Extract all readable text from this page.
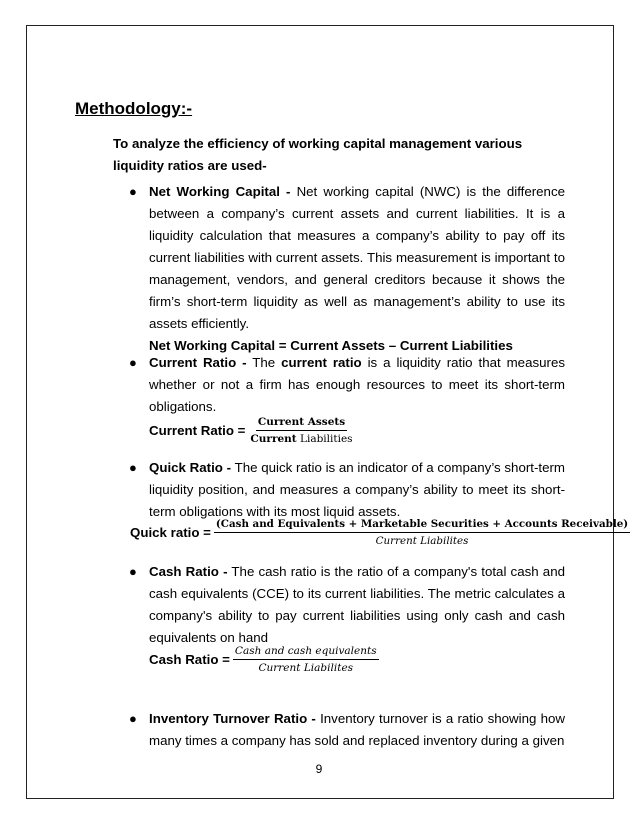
Methodology:-

To analyze the efficiency of working capital management various liquidity ratios are used-

● Net Working Capital - Net working capital (NWC) is the difference between a company’s current assets and current liabilities. It is a liquidity calculation that measures a company’s ability to pay off its current liabilities with current assets. This measurement is important to management, vendors, and general creditors because it shows the firm’s short-term liquidity as well as management’s ability to use its assets efficiently.
Net Working Capital = Current Assets – Current Liabilities
● Current Ratio - The current ratio is a liquidity ratio that measures whether or not a firm has enough resources to meet its short-term obligations.
Current Ratio = $\frac{\text{Current Assets}}{\text{Current Liabilities}}$
● Quick Ratio - The quick ratio is an indicator of a company’s short-term liquidity position, and measures a company’s ability to meet its short-term obligations with its most liquid assets.
Quick ratio =
(Cash and Equivalents + Marketable Securities + Accounts Receivable)
Current Liabilites
● Cash Ratio - The cash ratio is the ratio of a company's total cash and cash equivalents (CCE) to its current liabilities. The metric calculates a company's ability to pay current liabilities using only cash and cash equivalents on hand
Cash Ratio = $\frac{\text{Cash and cash equivalents}}{\text{Current Liabilites}}$
● Inventory Turnover Ratio - Inventory turnover is a ratio showing how many times a company has sold and replaced inventory during a given
9
